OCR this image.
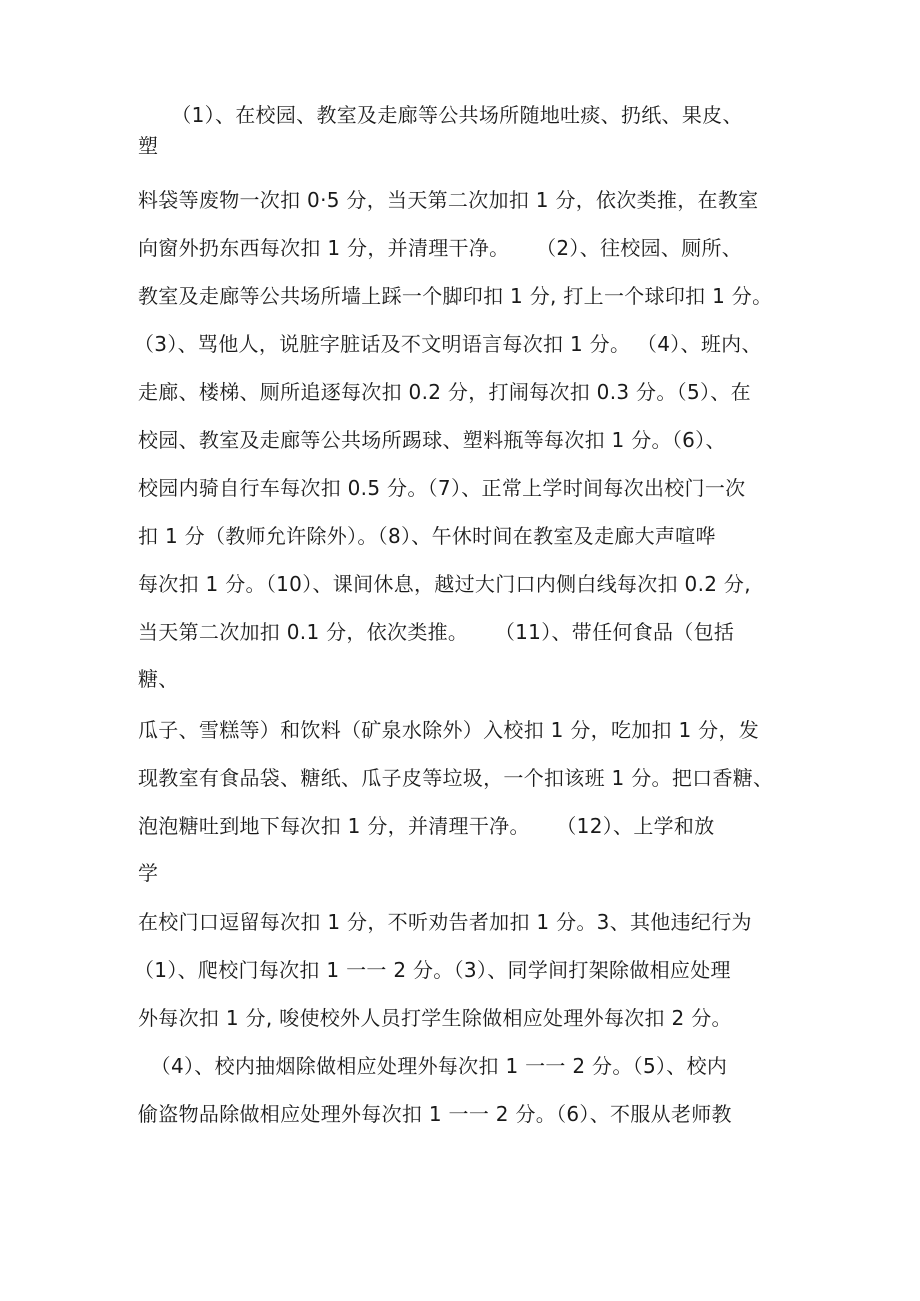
（1）、在校园、教室及走廊等公共场所随地吐痰、扔纸、果皮、
塑
料袋等废物一次扣 0·5 分，当天第二次加扣 1 分，依次类推，在教室
向窗外扔东西每次扣 1 分，并清理干净。    （2）、往校园、厕所、
教室及走廊等公共场所墙上踩一个脚印扣 1 分, 打上一个球印扣 1 分。
（3）、骂他人，说脏字脏话及不文明语言每次扣 1 分。 （4）、班内、
走廊、楼梯、厕所追逐每次扣 0.2 分，打闹每次扣 0.3 分。（5）、在
校园、教室及走廊等公共场所踢球、塑料瓶等每次扣 1 分。（6）、
校园内骑自行车每次扣 0.5 分。（7）、正常上学时间每次出校门一次
扣 1 分（教师允许除外）。（8）、午休时间在教室及走廊大声喧哗
每次扣 1 分。（10）、课间休息，越过大门口内侧白线每次扣 0.2 分,
当天第二次加扣 0.1 分，依次类推。    （11）、带任何食品（包括
糖、
瓜子、雪糕等）和饮料（矿泉水除外）入校扣 1 分，吃加扣 1 分，发
现教室有食品袋、糖纸、瓜子皮等垃圾，一个扣该班 1 分。把口香糖、
泡泡糖吐到地下每次扣 1 分，并清理干净。    （12）、上学和放
学
在校门口逗留每次扣 1 分，不听劝告者加扣 1 分。3、其他违纪行为
（1）、爬校门每次扣 1 一一 2 分。（3）、同学间打架除做相应处理
外每次扣 1 分, 唆使校外人员打学生除做相应处理外每次扣 2 分。
（4）、校内抽烟除做相应处理外每次扣 1 一一 2 分。（5）、校内
偷盗物品除做相应处理外每次扣 1 一一 2 分。（6）、不服从老师教
